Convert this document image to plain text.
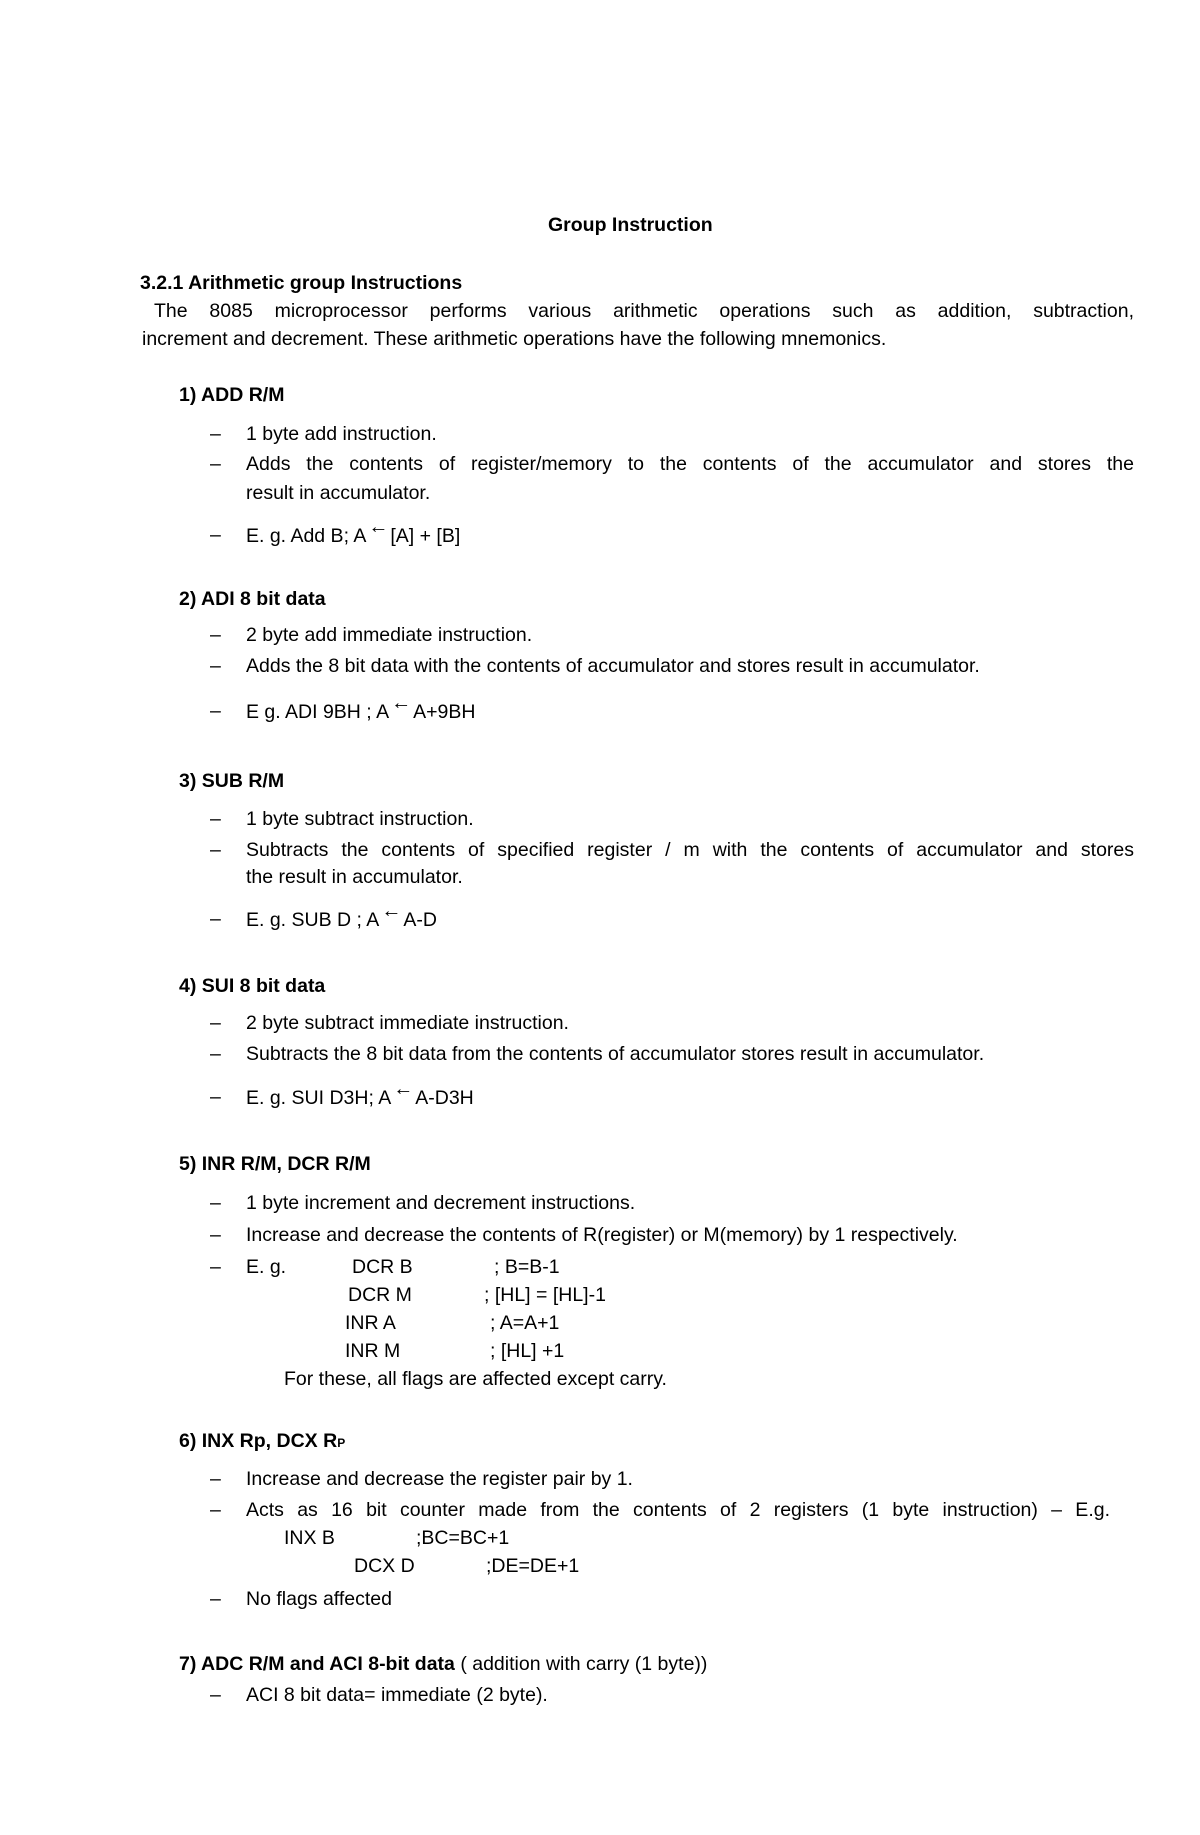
Group Instruction
3.2.1 Arithmetic group Instructions
The 8085 microprocessor performs various arithmetic operations such as addition, subtraction,
increment and decrement. These arithmetic operations have the following mnemonics.
1) ADD R/M
– 1 byte add instruction.
– Adds the contents of register/memory to the contents of the accumulator and stores the
result in accumulator.
– E. g. Add B; A ← [A] + [B]
2) ADI 8 bit data
– 2 byte add immediate instruction.
– Adds the 8 bit data with the contents of accumulator and stores result in accumulator.
– E g. ADI 9BH ; A ← A+9BH
3) SUB R/M
– 1 byte subtract instruction.
– Subtracts the contents of specified register / m with the contents of accumulator and stores
the result in accumulator.
– E. g. SUB D ; A ← A-D
4) SUI 8 bit data
– 2 byte subtract immediate instruction.
– Subtracts the 8 bit data from the contents of accumulator stores result in accumulator.
– E. g. SUI D3H; A ← A-D3H
5) INR R/M, DCR R/M
– 1 byte increment and decrement instructions.
– Increase and decrease the contents of R(register) or M(memory) by 1 respectively.
– E. g.	DCR B	; B=B-1
DCR M	; [HL] = [HL]-1
INR A	; A=A+1
INR M	; [HL] +1
For these, all flags are affected except carry.
6) INX Rp, DCX RP
– Increase and decrease the register pair by 1.
– Acts as 16 bit counter made from the contents of 2 registers (1 byte instruction) – E.g.
INX B	;BC=BC+1
DCX D	;DE=DE+1
– No flags affected
7) ADC R/M and ACI 8-bit data ( addition with carry (1 byte))
– ACI 8 bit data= immediate (2 byte).
